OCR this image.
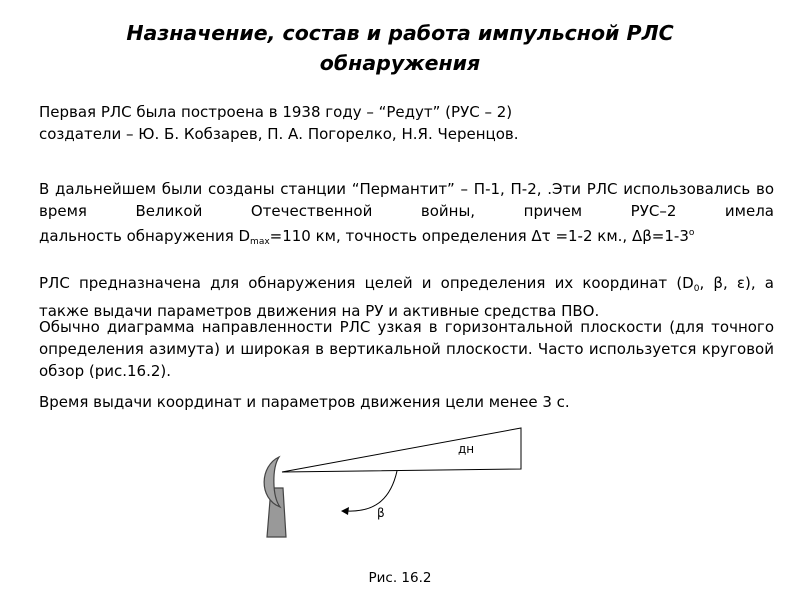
Назначение, состав и работа импульсной РЛС
обнаружения
Первая РЛС была построена в 1938 году – “Редут” (РУС – 2)
создатели – Ю. Б. Кобзарев, П. А. Погорелко, Н.Я. Черенцов.
В дальнейшем были созданы станции “Пермантит” – П-1, П-2, .Эти РЛС использовались во время Великой Отечественной войны, причем РУС–2 имела
дальность обнаружения $D_{max}=110$ км, точность определения Δτ =1-2 км., $\Delta\beta=1-3^o$
РЛС предназначена для обнаружения целей и определения их координат ($D_0$, β, ε), а также выдачи параметров движения на РУ и активные средства ПВО.
Обычно диаграмма направленности РЛС узкая в горизонтальной плоскости (для точного определения азимута) и широкая в вертикальной плоскости. Часто используется круговой обзор (рис.16.2).
Время выдачи координат и параметров движения цели менее 3 с.
дн
β
Рис. 16.2
